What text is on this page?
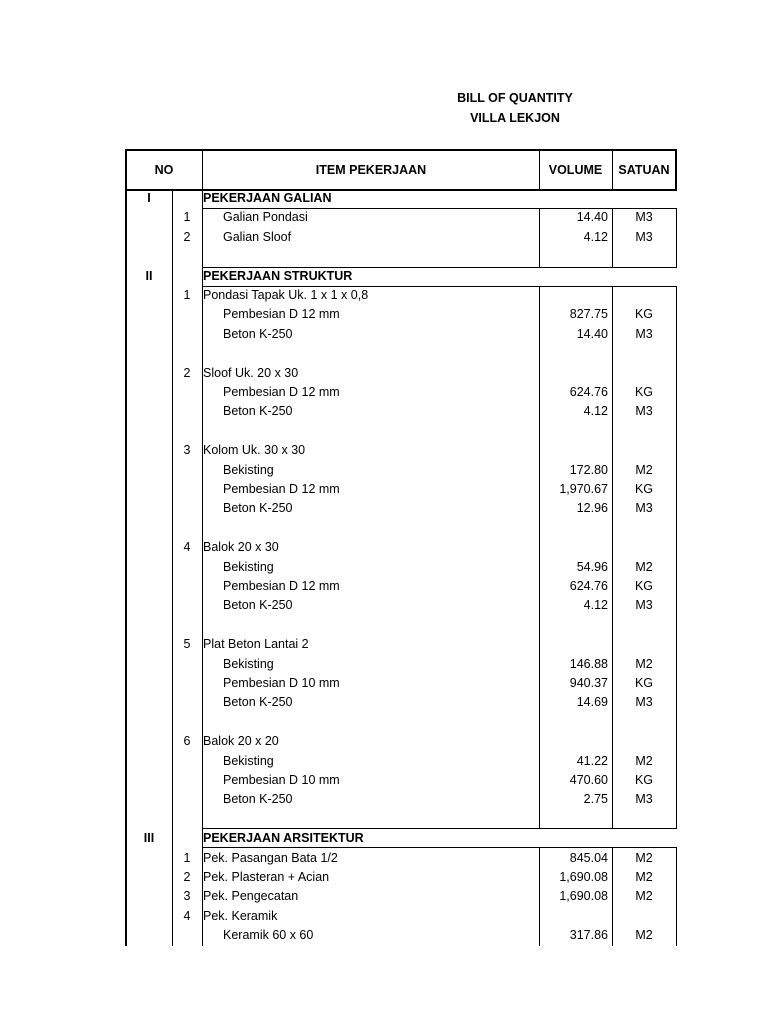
BILL OF QUANTITY
VILLA LEKJON
NO	ITEM PEKERJAAN	VOLUME	SATUAN
I	PEKERJAAN GALIAN
1	Galian Pondasi	14.40	M3
2	Galian Sloof	4.12	M3
II	PEKERJAAN STRUKTUR
1	Pondasi Tapak Uk. 1 x 1 x 0,8
Pembesian D 12 mm	827.75	KG
Beton K-250	14.40	M3
2	Sloof Uk. 20 x 30
Pembesian D 12 mm	624.76	KG
Beton K-250	4.12	M3
3	Kolom Uk. 30 x 30
Bekisting	172.80	M2
Pembesian D 12 mm	1,970.67	KG
Beton K-250	12.96	M3
4	Balok 20 x 30
Bekisting	54.96	M2
Pembesian D 12 mm	624.76	KG
Beton K-250	4.12	M3
5	Plat Beton Lantai 2
Bekisting	146.88	M2
Pembesian D 10 mm	940.37	KG
Beton K-250	14.69	M3
6	Balok 20 x 20
Bekisting	41.22	M2
Pembesian D 10 mm	470.60	KG
Beton K-250	2.75	M3
III	PEKERJAAN ARSITEKTUR
1	Pek. Pasangan Bata 1/2	845.04	M2
2	Pek. Plasteran + Acian	1,690.08	M2
3	Pek. Pengecatan	1,690.08	M2
4	Pek. Keramik
Keramik 60 x 60	317.86	M2
